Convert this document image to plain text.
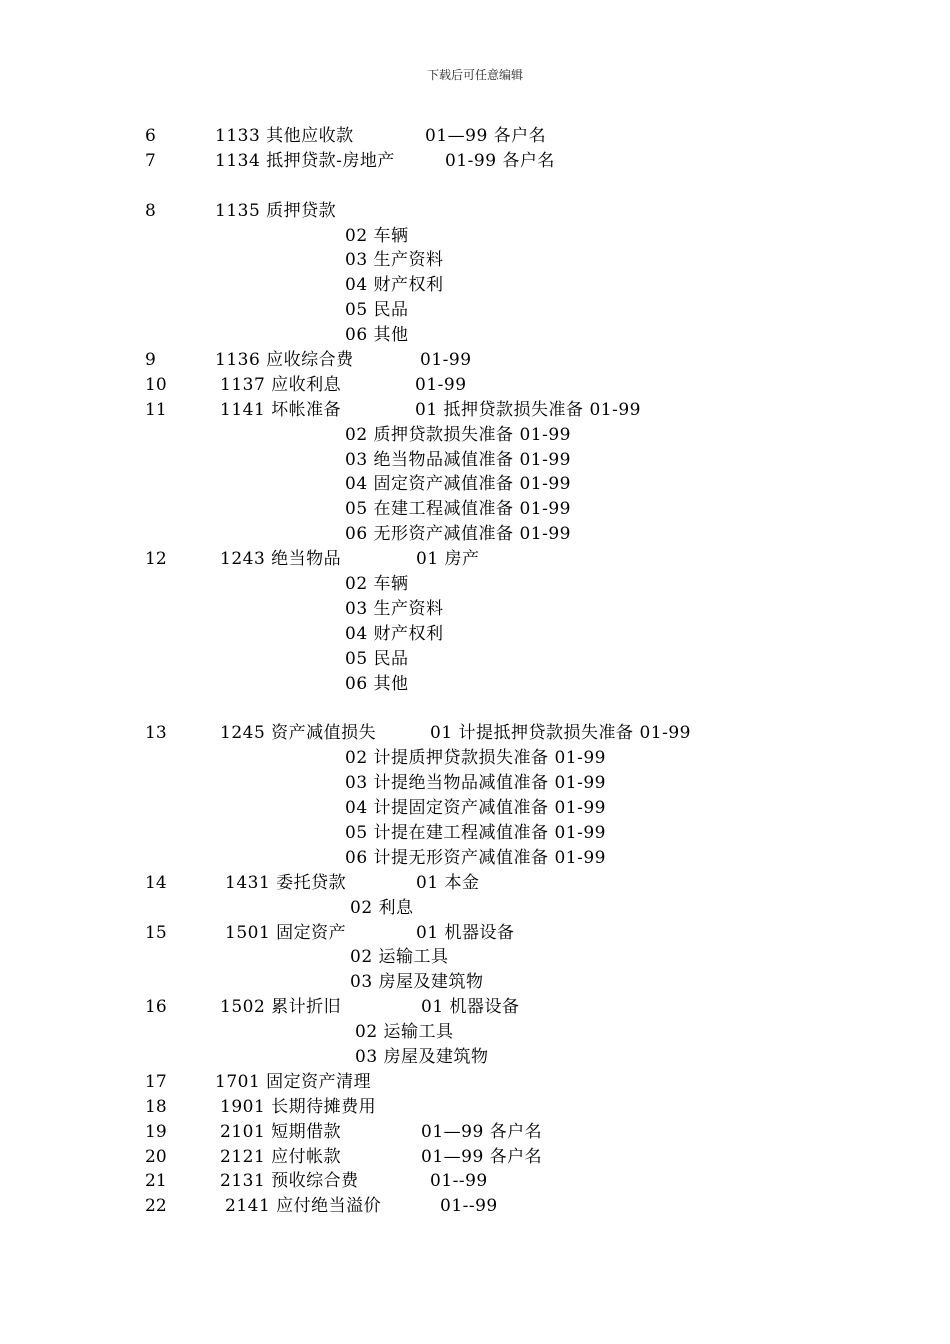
下载后可任意编辑
6	1133 其他应收款	01—99 各户名
7	1134 抵押贷款-房地产	01-99 各户名
8	1135 质押贷款
02 车辆
03 生产资料
04 财产权利
05 民品
06 其他
9	1136 应收综合费	01-99
10	1137 应收利息	01-99
11	1141 坏帐准备	01 抵押贷款损失准备 01-99
02 质押贷款损失准备 01-99
03 绝当物品减值准备 01-99
04 固定资产减值准备 01-99
05 在建工程减值准备 01-99
06 无形资产减值准备 01-99
12	1243 绝当物品	01 房产
02 车辆
03 生产资料
04 财产权利
05 民品
06 其他
13	1245 资产减值损失	01 计提抵押贷款损失准备 01-99
02 计提质押贷款损失准备 01-99
03 计提绝当物品减值准备 01-99
04 计提固定资产减值准备 01-99
05 计提在建工程减值准备 01-99
06 计提无形资产减值准备 01-99
14	1431 委托贷款	01 本金
02 利息
15	1501 固定资产	01 机器设备
02 运输工具
03 房屋及建筑物
16	1502 累计折旧	01 机器设备
02 运输工具
03 房屋及建筑物
17	1701 固定资产清理
18	1901 长期待摊费用
19	2101 短期借款	01—99 各户名
20	2121 应付帐款	01—99 各户名
21	2131 预收综合费	01--99
22	2141 应付绝当溢价	01--99
